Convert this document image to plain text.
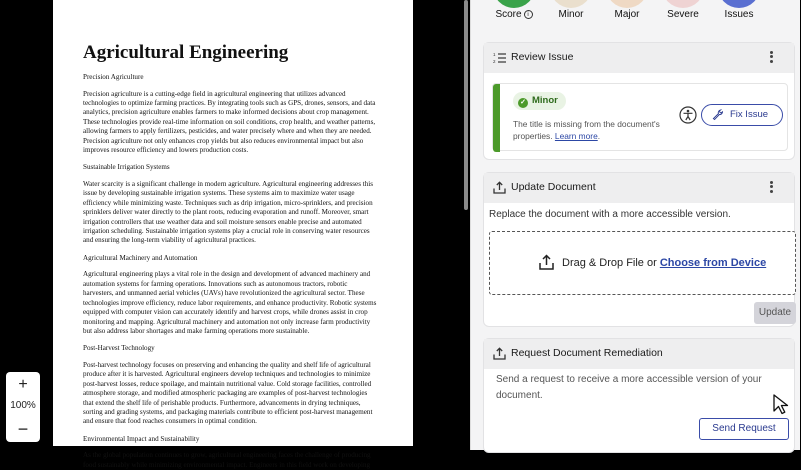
Agricultural Engineering
Precision Agriculture
Precision agriculture is a cutting-edge field in agricultural engineering that utilizes advanced technologies to optimize farming practices. By integrating tools such as GPS, drones, sensors, and data analytics, precision agriculture enables farmers to make informed decisions about crop management. These technologies provide real-time information on soil conditions, crop health, and weather patterns, allowing farmers to apply fertilizers, pesticides, and water precisely where and when they are needed. Precision agriculture not only enhances crop yields but also reduces environmental impact but also improves resource efficiency and lowers production costs.
Sustainable Irrigation Systems
Water scarcity is a significant challenge in modern agriculture. Agricultural engineering addresses this issue by developing sustainable irrigation systems. These systems aim to maximize water usage efficiency while minimizing waste. Techniques such as drip irrigation, micro-sprinklers, and precision sprinklers deliver water directly to the plant roots, reducing evaporation and runoff. Moreover, smart irrigation controllers that use weather data and soil moisture sensors enable precise and automated irrigation scheduling. Sustainable irrigation systems play a crucial role in conserving water resources and ensuring the long-term viability of agricultural practices.
Agricultural Machinery and Automation
Agricultural engineering plays a vital role in the design and development of advanced machinery and automation systems for farming operations. Innovations such as autonomous tractors, robotic harvesters, and unmanned aerial vehicles (UAVs) have revolutionized the agricultural sector. These technologies improve efficiency, reduce labor requirements, and enhance productivity. Robotic systems equipped with computer vision can accurately identify and harvest crops, while drones assist in crop monitoring and mapping. Agricultural machinery and automation not only increase farm productivity but also address labor shortages and make farming operations more sustainable.
Post-Harvest Technology
Post-harvest technology focuses on preserving and enhancing the quality and shelf life of agricultural produce after it is harvested. Agricultural engineers develop techniques and technologies to minimize post-harvest losses, reduce spoilage, and maintain nutritional value. Cold storage facilities, controlled atmosphere storage, and modified atmospheric packaging are examples of post-harvest technologies that extend the shelf life of perishable products. Furthermore, advancements in drying techniques, sorting and grading systems, and packaging materials contribute to efficient post-harvest management and ensure that food reaches consumers in optimal condition.
Environmental Impact and Sustainability
As the global population continues to grow, agricultural engineering faces the challenge of producing food sustainably while minimizing environmental impact. Engineers in this field work on developing
+
100%
−
Score i	Minor	Major	Severe	Issues
1
2 Review Issue
✓ Minor
The title is missing from the document's properties. Learn more.
Fix Issue
Update Document
Replace the document with a more accessible version.
Drag & Drop File or Choose from Device
Update
Request Document Remediation
Send a request to receive a more accessible version of your document.
Send Request
